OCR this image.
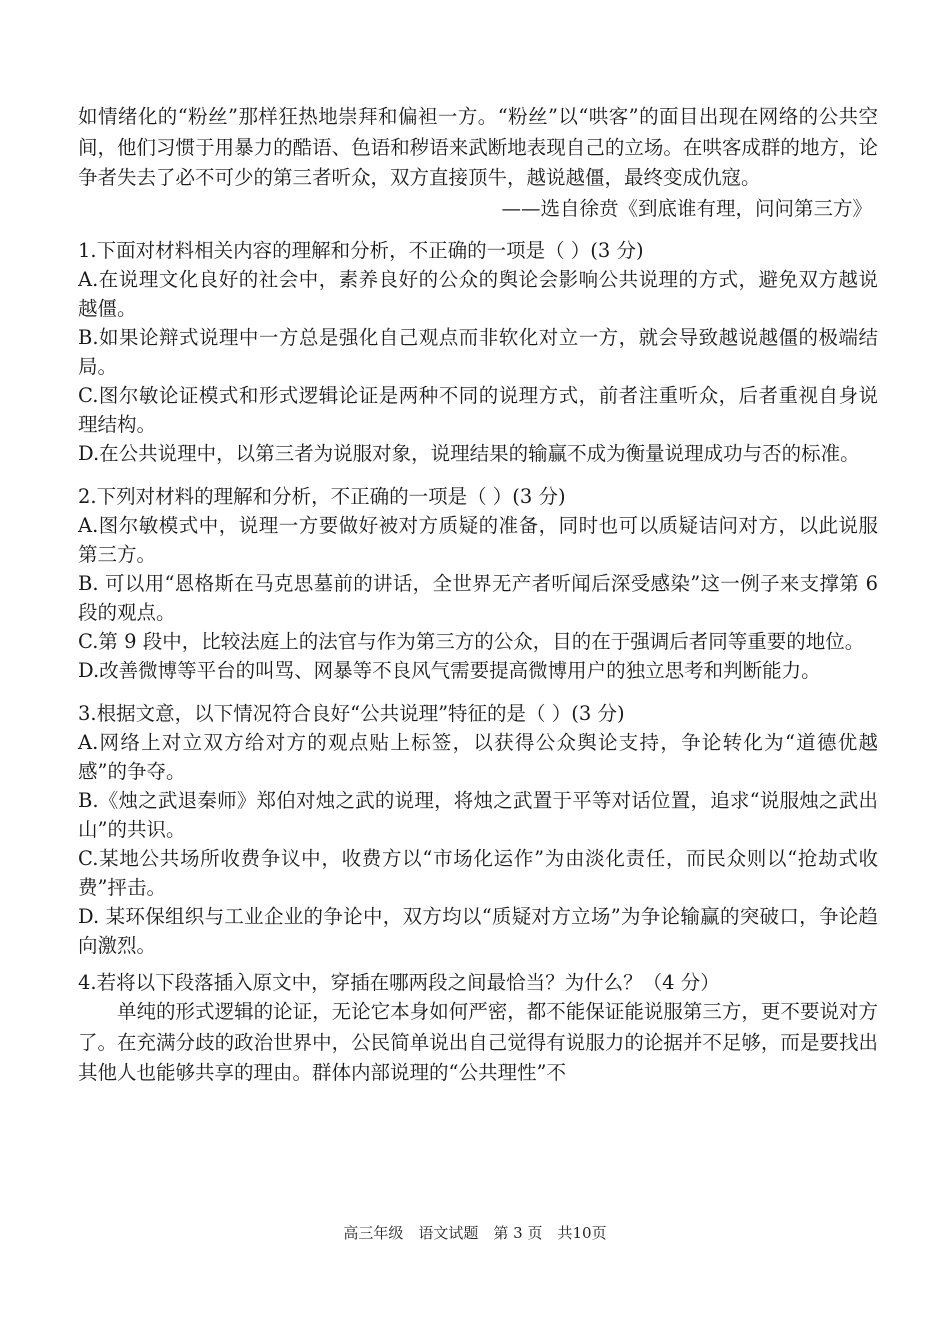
如情绪化的“粉丝”那样狂热地崇拜和偏袒一方。“粉丝”以“哄客”的面目出现在网络的公共空间，他们习惯于用暴力的酷语、色语和秽语来武断地表现自己的立场。在哄客成群的地方，论争者失去了必不可少的第三者听众，双方直接顶牛，越说越僵，最终变成仇寇。

——选自徐贲《到底谁有理，问问第三方》

1.下面对材料相关内容的理解和分析，不正确的一项是（ ）(3 分)

A.在说理文化良好的社会中，素养良好的公众的舆论会影响公共说理的方式，避免双方越说越僵。

B.如果论辩式说理中一方总是强化自己观点而非软化对立一方，就会导致越说越僵的极端结局。

C.图尔敏论证模式和形式逻辑论证是两种不同的说理方式，前者注重听众，后者重视自身说理结构。

D.在公共说理中，以第三者为说服对象，说理结果的输赢不成为衡量说理成功与否的标准。

2.下列对材料的理解和分析，不正确的一项是（ ）(3 分)

A.图尔敏模式中，说理一方要做好被对方质疑的准备，同时也可以质疑诘问对方，以此说服第三方。

B. 可以用“恩格斯在马克思墓前的讲话，全世界无产者听闻后深受感染”这一例子来支撑第 6 段的观点。

C.第 9 段中，比较法庭上的法官与作为第三方的公众，目的在于强调后者同等重要的地位。

D.改善微博等平台的叫骂、网暴等不良风气需要提高微博用户的独立思考和判断能力。

3.根据文意，以下情况符合良好“公共说理”特征的是（ ）(3 分)

A.网络上对立双方给对方的观点贴上标签，以获得公众舆论支持，争论转化为“道德优越感”的争夺。

B.《烛之武退秦师》郑伯对烛之武的说理，将烛之武置于平等对话位置，追求“说服烛之武出山”的共识。

C.某地公共场所收费争议中，收费方以“市场化运作”为由淡化责任，而民众则以“抢劫式收费”抨击。

D. 某环保组织与工业企业的争论中，双方均以“质疑对方立场”为争论输赢的突破口，争论趋向激烈。

4.若将以下段落插入原文中，穿插在哪两段之间最恰当？为什么？（4 分）

单纯的形式逻辑的论证，无论它本身如何严密，都不能保证能说服第三方，更不要说对方了。在充满分歧的政治世界中，公民简单说出自己觉得有说服力的论据并不足够，而是要找出其他人也能够共享的理由。群体内部说理的“公共理性”不

高三年级　语文试题　第 3 页　共10页
